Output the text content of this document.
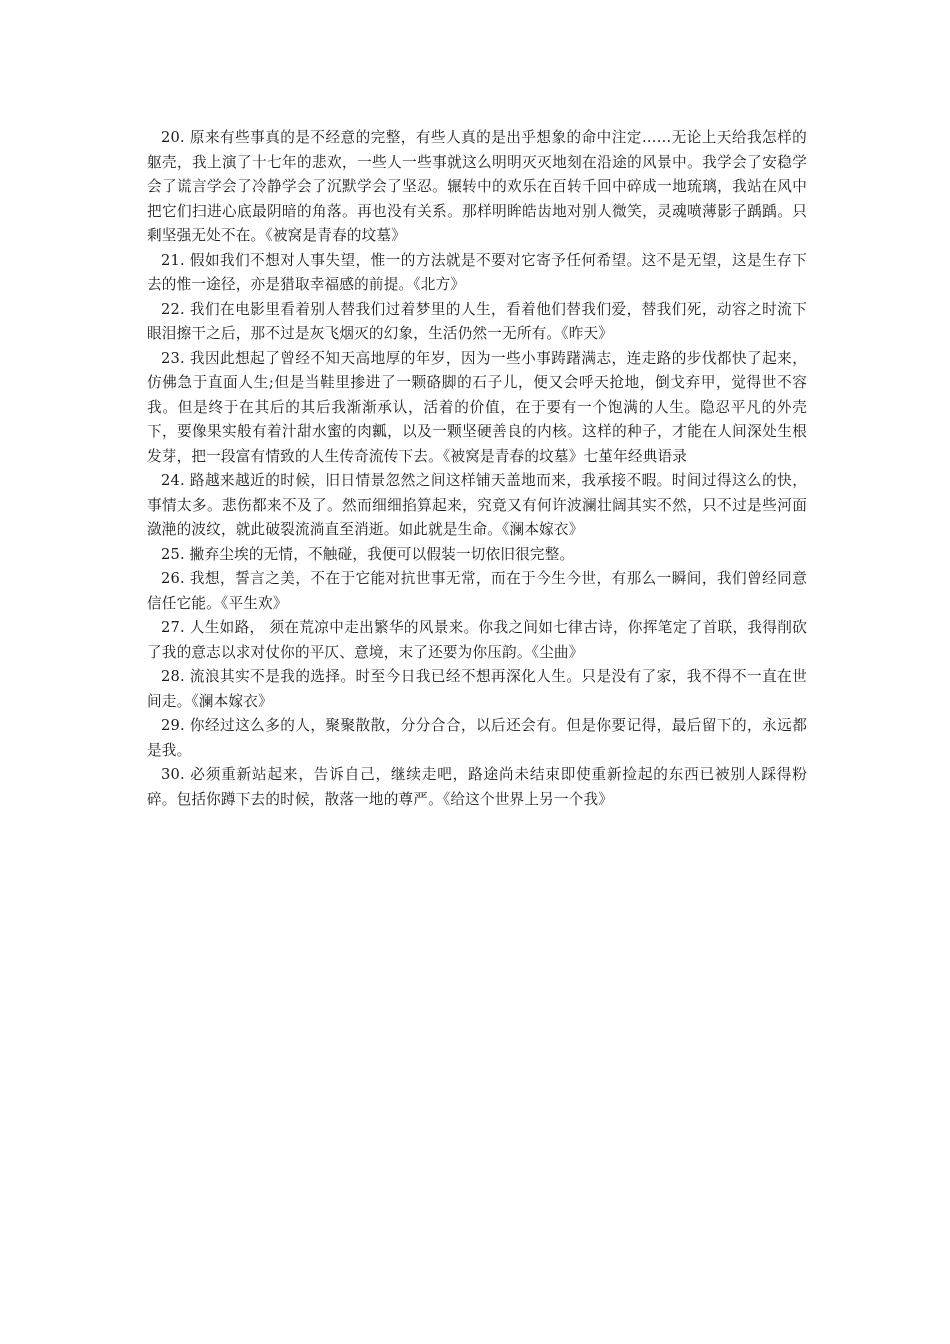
20. 原来有些事真的是不经意的完整，有些人真的是出乎想象的命中注定……无论上天给我怎样的躯壳，我上演了十七年的悲欢，一些人一些事就这么明明灭灭地刻在沿途的风景中。我学会了安稳学会了谎言学会了冷静学会了沉默学会了坚忍。辗转中的欢乐在百转千回中碎成一地琉璃，我站在风中把它们扫进心底最阴暗的角落。再也没有关系。那样明眸皓齿地对别人微笑，灵魂喷薄影子踽踽。只剩坚强无处不在。《被窝是青春的坟墓》

21. 假如我们不想对人事失望，惟一的方法就是不要对它寄予任何希望。这不是无望，这是生存下去的惟一途径，亦是猎取幸福感的前提。《北方》

22. 我们在电影里看着别人替我们过着梦里的人生，看着他们替我们爱，替我们死，动容之时流下眼泪擦干之后，那不过是灰飞烟灭的幻象，生活仍然一无所有。《昨天》

23. 我因此想起了曾经不知天高地厚的年岁，因为一些小事踌躇满志，连走路的步伐都快了起来，仿佛急于直面人生;但是当鞋里掺进了一颗硌脚的石子儿，便又会呼天抢地，倒戈弃甲，觉得世不容我。但是终于在其后的其后我渐渐承认，活着的价值，在于要有一个饱满的人生。隐忍平凡的外壳下，要像果实般有着汁甜水蜜的肉瓤，以及一颗坚硬善良的内核。这样的种子，才能在人间深处生根发芽，把一段富有情致的人生传奇流传下去。《被窝是青春的坟墓》七堇年经典语录

24. 路越来越近的时候，旧日情景忽然之间这样铺天盖地而来，我承接不暇。时间过得这么的快，事情太多。悲伤都来不及了。然而细细掐算起来，究竟又有何许波澜壮阔其实不然，只不过是些河面潋滟的波纹，就此破裂流淌直至消逝。如此就是生命。《澜本嫁衣》

25. 撇弃尘埃的无情，不触碰，我便可以假装一切依旧很完整。

26. 我想，誓言之美，不在于它能对抗世事无常，而在于今生今世，有那么一瞬间，我们曾经同意信任它能。《平生欢》

27. 人生如路， 须在荒凉中走出繁华的风景来。你我之间如七律古诗，你挥笔定了首联，我得削砍了我的意志以求对仗你的平仄、意境，末了还要为你压韵。《尘曲》

28. 流浪其实不是我的选择。时至今日我已经不想再深化人生。只是没有了家，我不得不一直在世间走。《澜本嫁衣》

29. 你经过这么多的人，聚聚散散，分分合合，以后还会有。但是你要记得，最后留下的，永远都是我。

30. 必须重新站起来，告诉自己，继续走吧，路途尚未结束即使重新捡起的东西已被别人踩得粉碎。包括你蹲下去的时候，散落一地的尊严。《给这个世界上另一个我》
